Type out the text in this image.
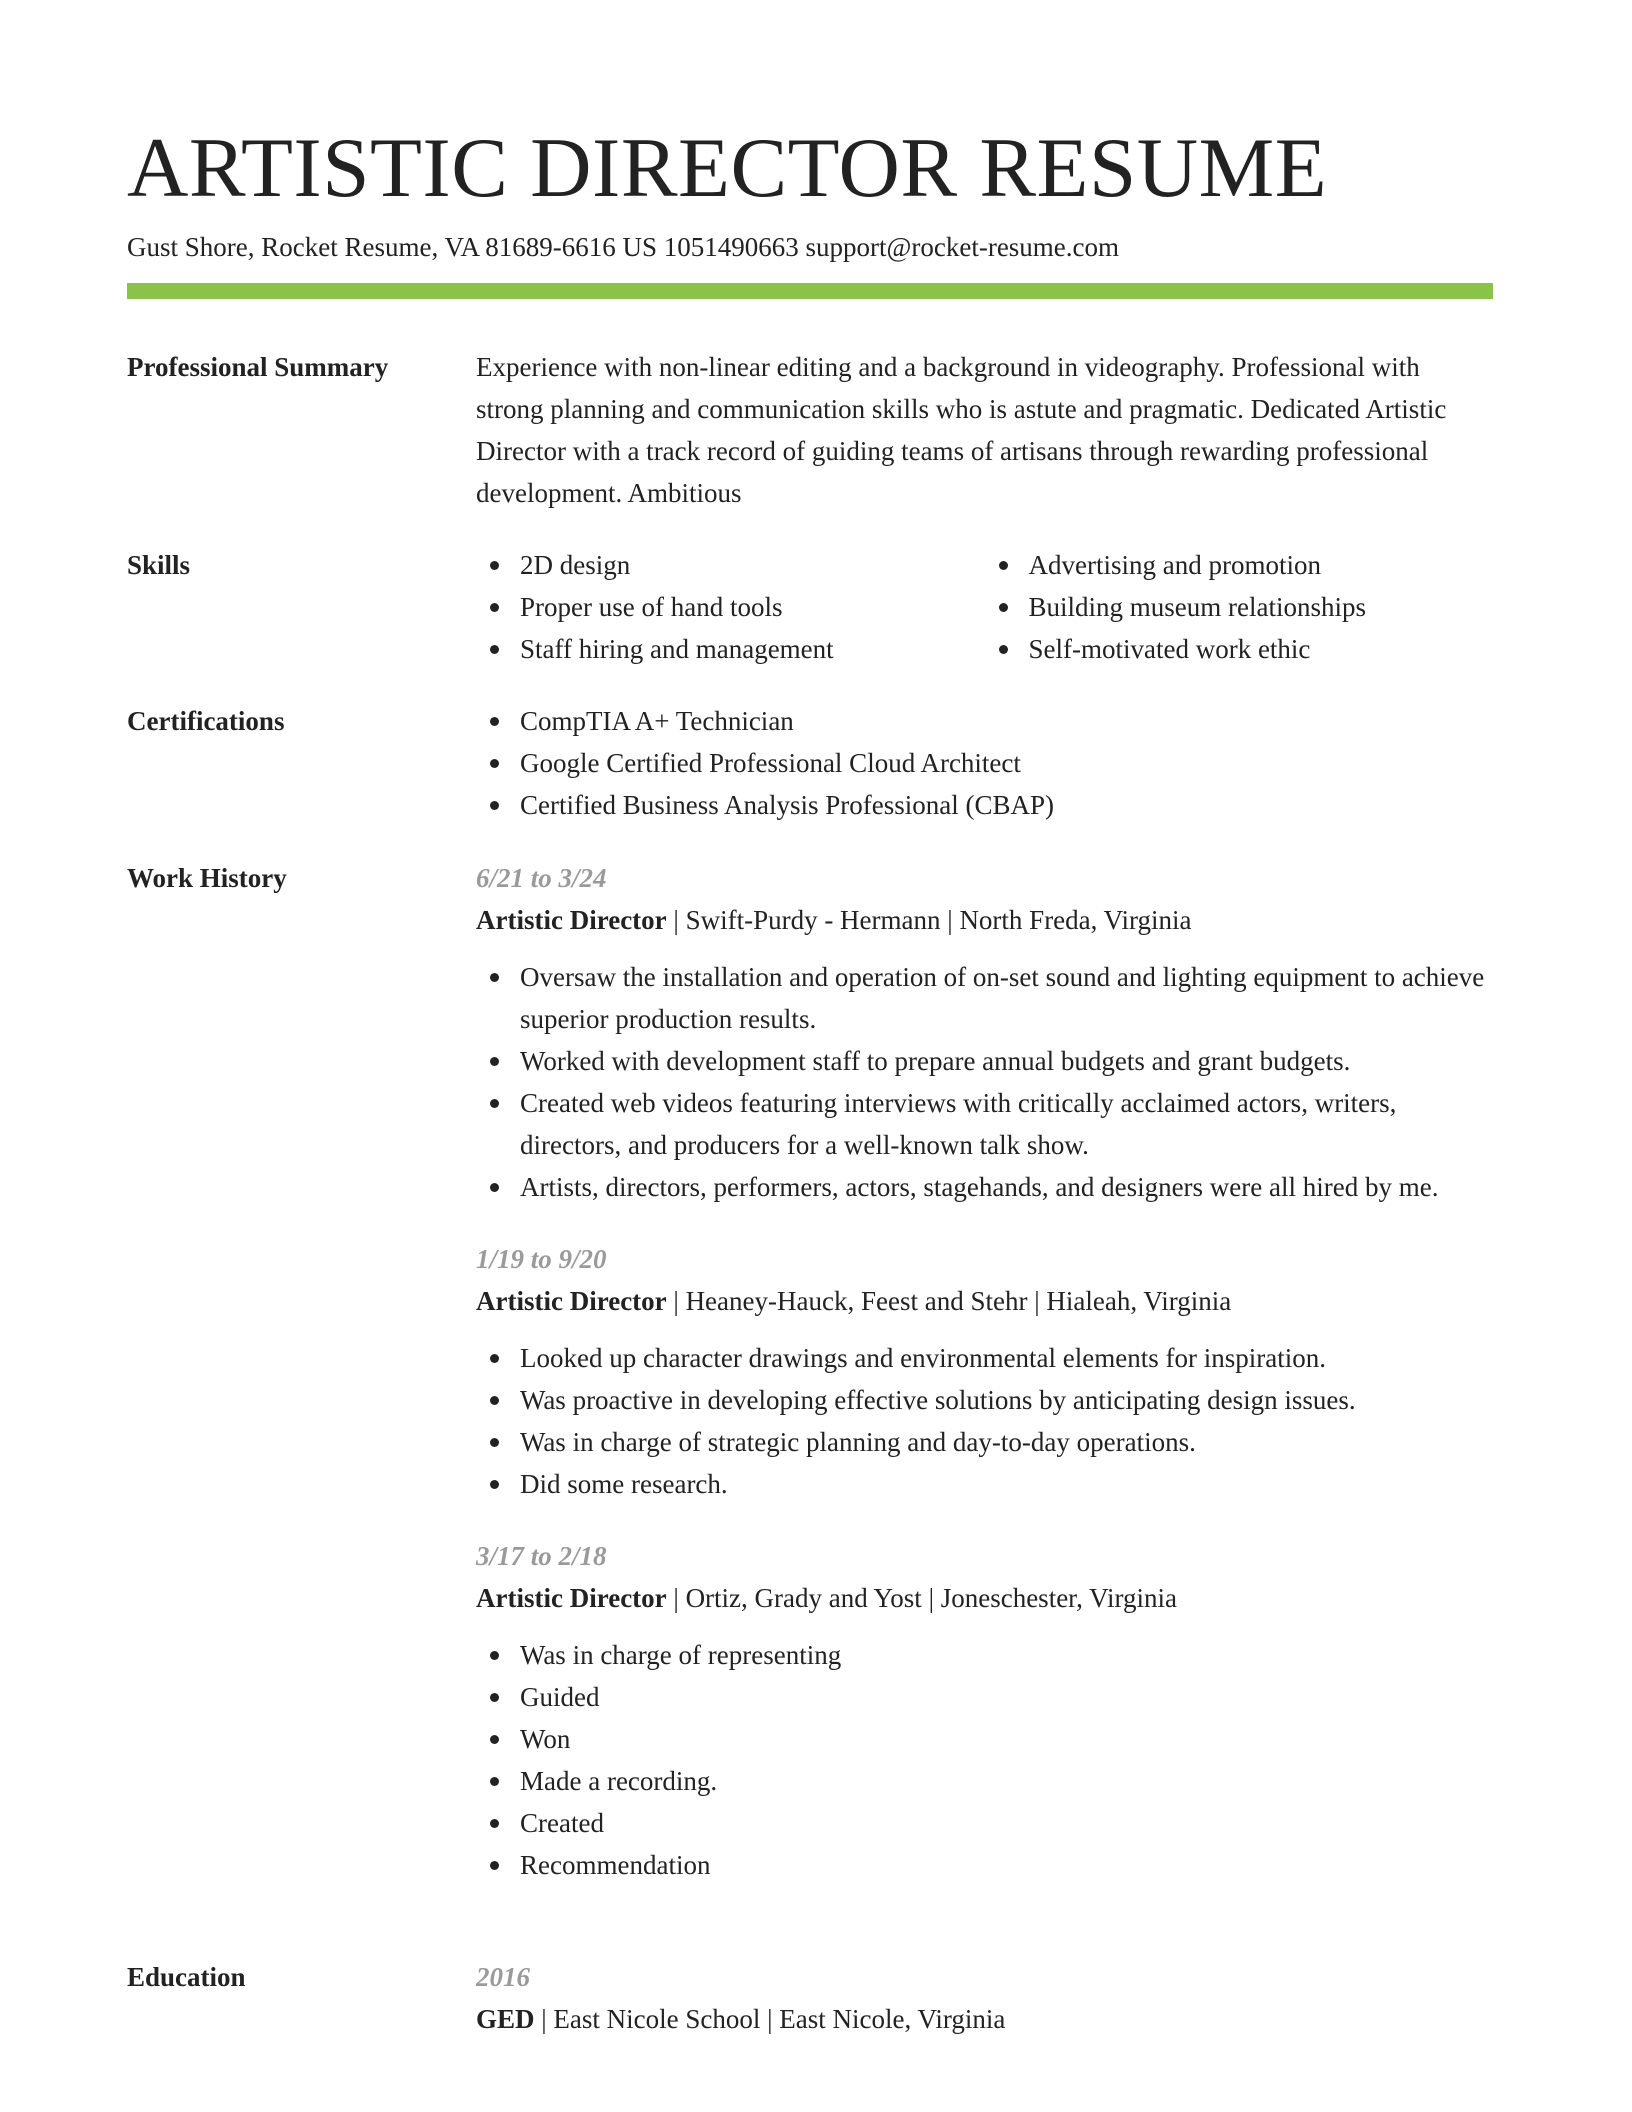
ARTISTIC DIRECTOR RESUME
Gust Shore, Rocket Resume, VA 81689-6616 US 1051490663 support@rocket-resume.com
Professional Summary	Experience with non-linear editing and a background in videography. Professional with strong planning and communication skills who is astute and pragmatic. Dedicated Artistic Director with a track record of guiding teams of artisans through rewarding professional development. Ambitious

Skills	2D design
Proper use of hand tools
Staff hiring and management
Advertising and promotion
Building museum relationships
Self-motivated work ethic
Certifications	CompTIA A+ Technician
Google Certified Professional Cloud Architect
Certified Business Analysis Professional (CBAP)
Work History	6/21 to 3/24
Artistic Director | Swift-Purdy - Hermann | North Freda, Virginia
Oversaw the installation and operation of on-set sound and lighting equipment to achieve superior production results.
Worked with development staff to prepare annual budgets and grant budgets.
Created web videos featuring interviews with critically acclaimed actors, writers, directors, and producers for a well-known talk show.
Artists, directors, performers, actors, stagehands, and designers were all hired by me.
1/19 to 9/20
Artistic Director | Heaney-Hauck, Feest and Stehr | Hialeah, Virginia
Looked up character drawings and environmental elements for inspiration.
Was proactive in developing effective solutions by anticipating design issues.
Was in charge of strategic planning and day-to-day operations.
Did some research.
3/17 to 2/18
Artistic Director | Ortiz, Grady and Yost | Joneschester, Virginia
Was in charge of representing
Guided
Won
Made a recording.
Created
Recommendation
Education	2016
GED | East Nicole School | East Nicole, Virginia
